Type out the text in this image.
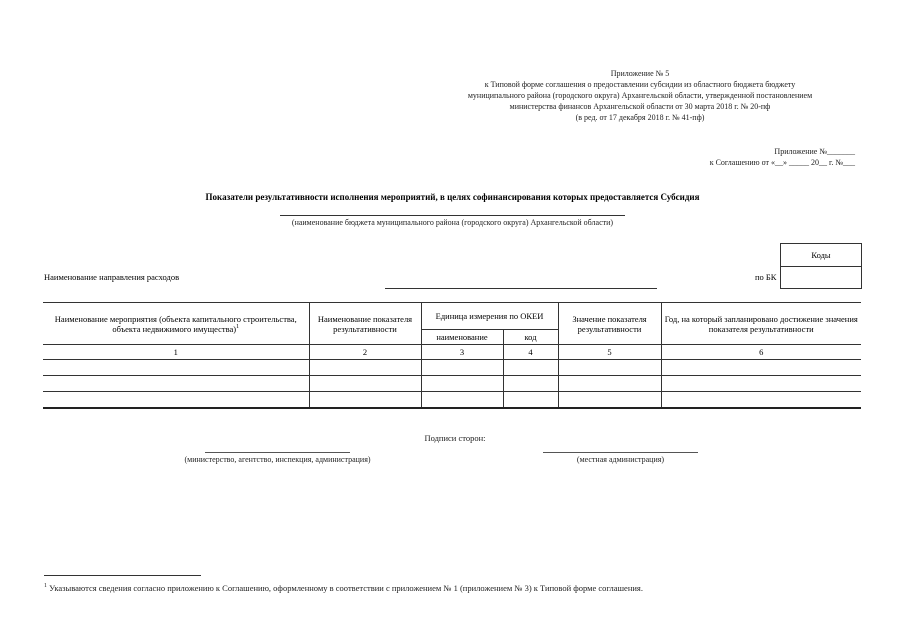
Приложение № 5
к Типовой форме соглашения о предоставлении субсидии из областного бюджета бюджету
муниципального района (городского округа) Архангельской области, утвержденной постановлением
министерства финансов Архангельской области от 30 марта 2018 г. № 20-пф
(в ред. от 17 декабря 2018 г. № 41-пф)
Приложение №_______
к Соглашению от «__» _____ 20__ г. №___
Показатели результативности исполнения мероприятий, в целях софинансирования которых предоставляется Субсидия
(наименование бюджета муниципального района (городского округа) Архангельской области)
Коды
Наименование направления расходов	по БК
Наименование мероприятия (объекта капитального строительства, объекта недвижимого имущества)$^1$	Наименование показателя результативности	Единица измерения по ОКЕИ		Значение показателя результативности	Год, на который запланировано достижение значения показателя результативности
		наименование	код		
1	2	3	4	5	6

Подписи сторон:
(министерство, агентство, инспекция, администрация)	(местная администрация)
$^1$ Указываются сведения согласно приложению к Соглашению, оформленному в соответствии с приложением № 1 (приложением № 3) к Типовой форме соглашения.
